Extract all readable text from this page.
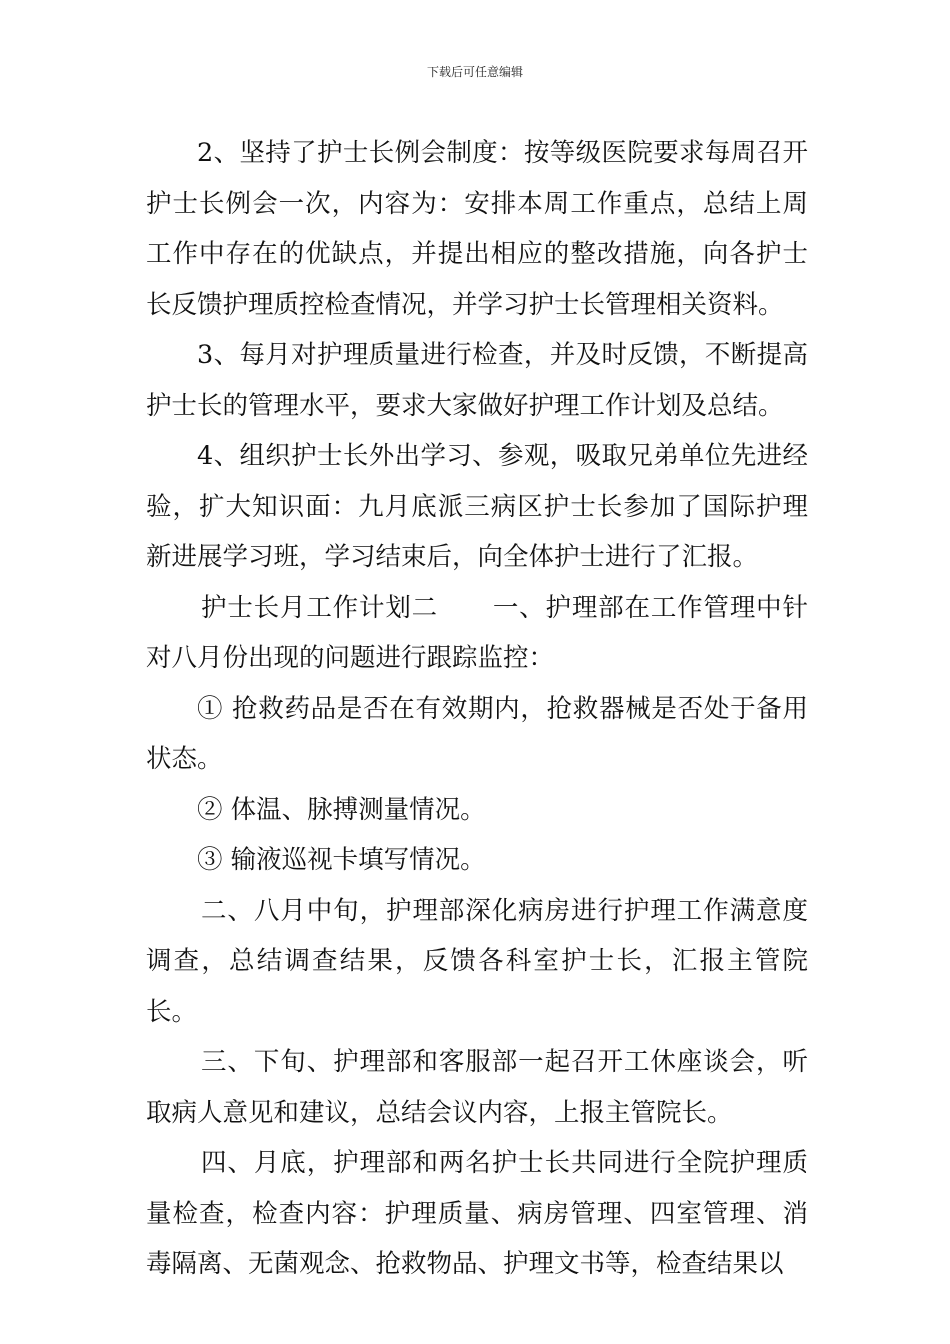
下载后可任意编辑

2、坚持了护士长例会制度：按等级医院要求每周召开护士长例会一次，内容为：安排本周工作重点，总结上周工作中存在的优缺点，并提出相应的整改措施，向各护士长反馈护理质控检查情况，并学习护士长管理相关资料。

3、每月对护理质量进行检查，并及时反馈，不断提高护士长的管理水平，要求大家做好护理工作计划及总结。

4、组织护士长外出学习、参观，吸取兄弟单位先进经验，扩大知识面：九月底派三病区护士长参加了国际护理新进展学习班，学习结束后，向全体护士进行了汇报。

护士长月工作计划二 一、护理部在工作管理中针对八月份出现的问题进行跟踪监控：

① 抢救药品是否在有效期内，抢救器械是否处于备用状态。

② 体温、脉搏测量情况。

③ 输液巡视卡填写情况。

二、八月中旬，护理部深化病房进行护理工作满意度调查，总结调查结果，反馈各科室护士长，汇报主管院长。

三、下旬、护理部和客服部一起召开工休座谈会，听取病人意见和建议，总结会议内容，上报主管院长。

四、月底，护理部和两名护士长共同进行全院护理质量检查，检查内容：护理质量、病房管理、四室管理、消毒隔离、无菌观念、抢救物品、护理文书等，检查结果以
